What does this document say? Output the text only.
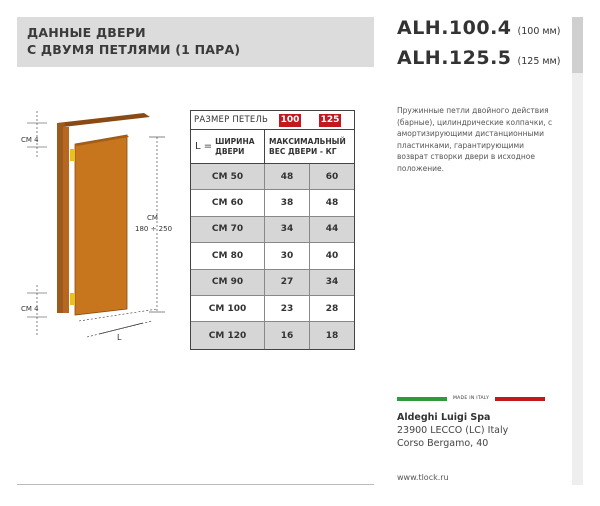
ДАННЫЕ ДВЕРИ
С ДВУМЯ ПЕТЛЯМИ (1 ПАРА)
CM 4
CM 4
CM
180 ÷ 250
L
РАЗМЕР ПЕТЕЛЬ	100 125
L = ШИРИНА
ДВЕРИ
МАКСИМАЛЬНЫЙ
ВЕС ДВЕРИ - КГ
CM 50	48	60
CM 60	38	48
CM 70	34	44
CM 80	30	40
CM 90	27	34
CM 100	23	28
CM 120	16	18
ALH.100.4 (100 мм)
ALH.125.5 (125 мм)
Пружинные петли двойного действия (барные), цилиндрические колпачки, с амортизирующими дистанционными пластинками, гарантирующими возврат створки двери в исходное положение.
MADE IN ITALY
Aldeghi Luigi Spa
23900 LECCO (LC) Italy
Corso Bergamo, 40
www.tlock.ru
